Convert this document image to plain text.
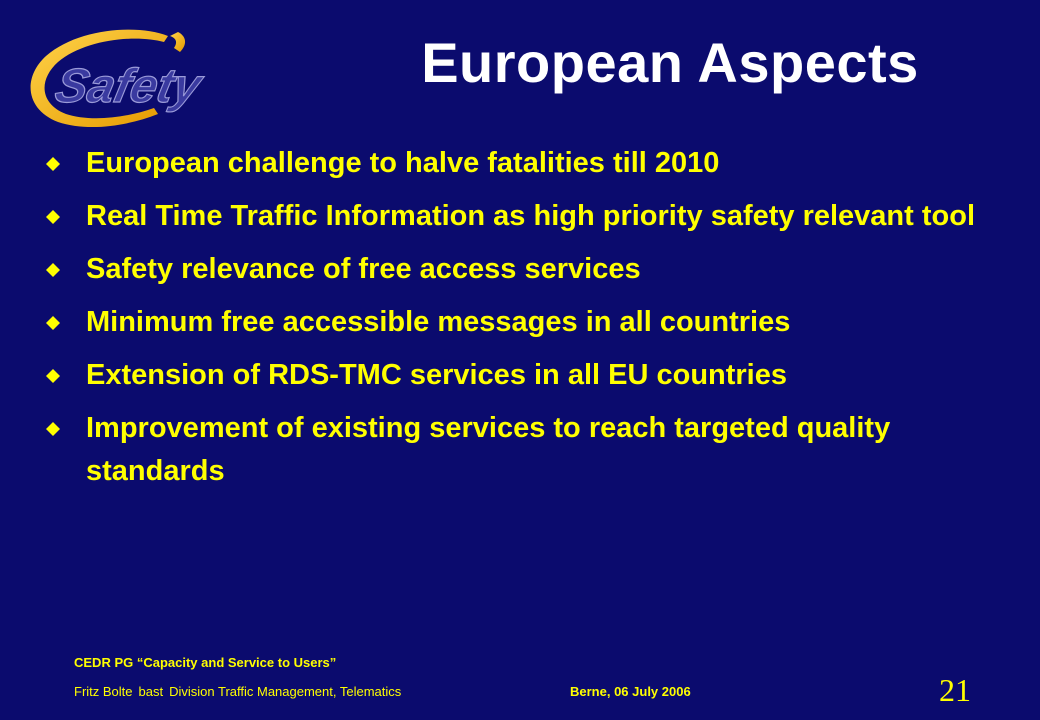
Safety	European Aspects
European challenge to halve fatalities till 2010
Real Time Traffic Information as high priority safety relevant tool
Safety relevance of free access services
Minimum free accessible messages in all countries
Extension of RDS-TMC services in all EU countries
Improvement of existing services to reach targeted quality standards
CEDR PG “Capacity and Service to Users”
Fritz Bolte bast Division Traffic Management, Telematics	Berne, 06 July 2006	21
